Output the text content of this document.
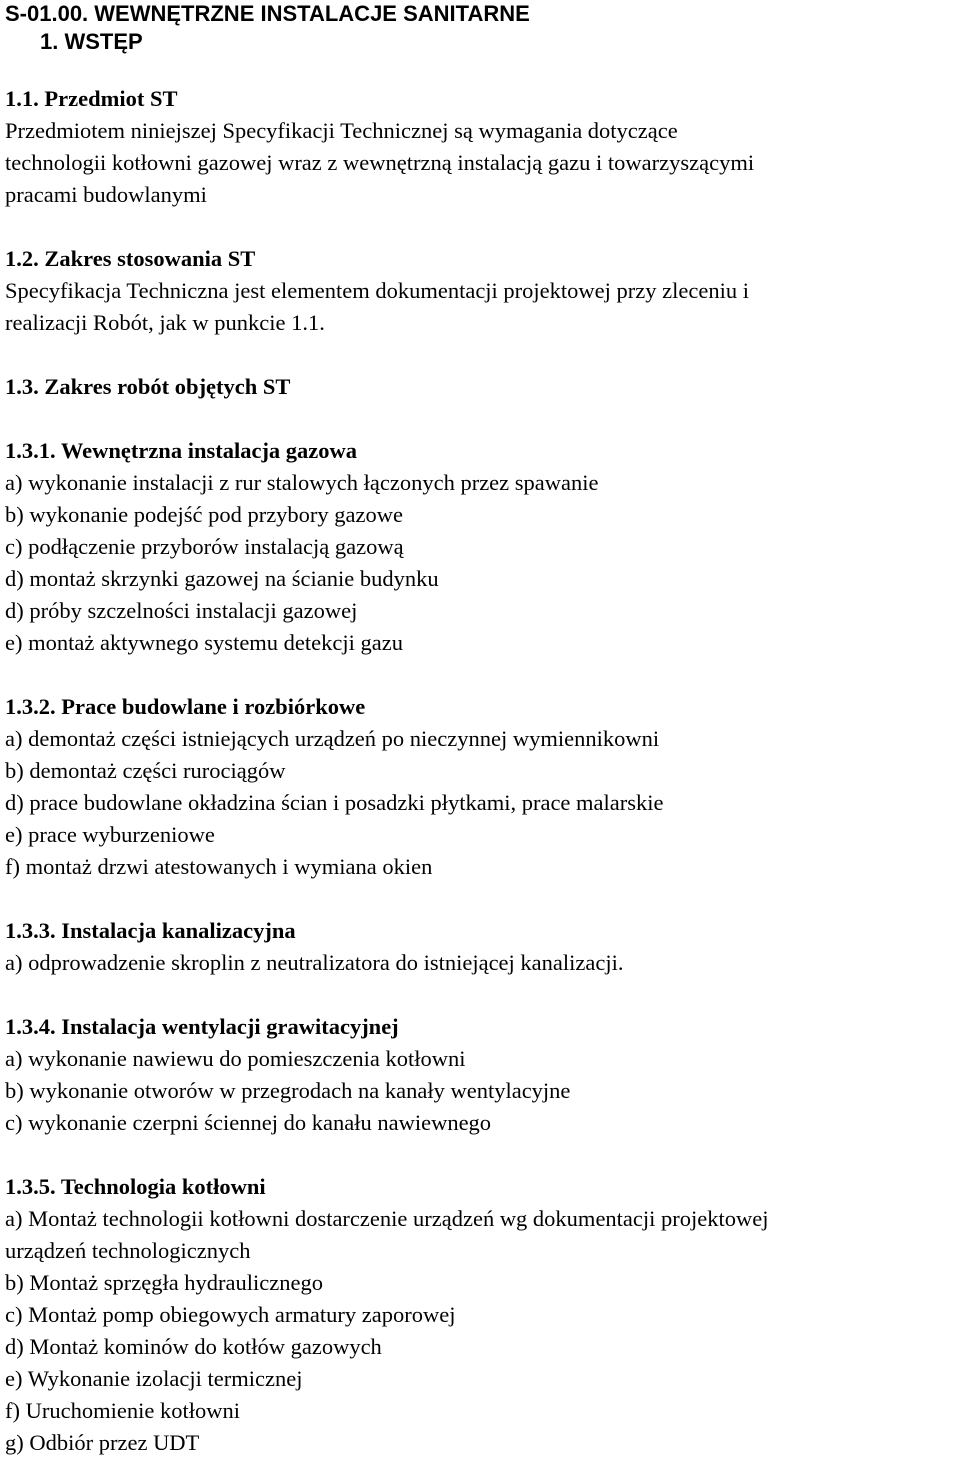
S-01.00. WEWNĘTRZNE INSTALACJE SANITARNE
1. WSTĘP
1.1. Przedmiot ST
Przedmiotem niniejszej Specyfikacji Technicznej są wymagania dotyczące
technologii kotłowni gazowej wraz z wewnętrzną instalacją gazu i towarzyszącymi
pracami budowlanymi
1.2. Zakres stosowania ST
Specyfikacja Techniczna jest elementem dokumentacji projektowej przy zleceniu i
realizacji Robót, jak w punkcie 1.1.
1.3. Zakres robót objętych ST
1.3.1. Wewnętrzna instalacja gazowa
a) wykonanie instalacji z rur stalowych łączonych przez spawanie
b) wykonanie podejść pod przybory gazowe
c) podłączenie przyborów instalacją gazową
d) montaż skrzynki gazowej na ścianie budynku
d) próby szczelności instalacji gazowej
e) montaż aktywnego systemu detekcji gazu
1.3.2. Prace budowlane i rozbiórkowe
a) demontaż części istniejących urządzeń po nieczynnej wymiennikowni
b) demontaż części rurociągów
d) prace budowlane okładzina ścian i posadzki płytkami, prace malarskie
e) prace wyburzeniowe
f) montaż drzwi atestowanych i wymiana okien
1.3.3. Instalacja kanalizacyjna
a) odprowadzenie skroplin z neutralizatora do istniejącej kanalizacji.
1.3.4. Instalacja wentylacji grawitacyjnej
a) wykonanie nawiewu do pomieszczenia kotłowni
b) wykonanie otworów w przegrodach na kanały wentylacyjne
c) wykonanie czerpni ściennej do kanału nawiewnego
1.3.5. Technologia kotłowni
a) Montaż technologii kotłowni dostarczenie urządzeń wg dokumentacji projektowej
urządzeń technologicznych
b) Montaż sprzęgła hydraulicznego
c) Montaż pomp obiegowych armatury zaporowej
d) Montaż kominów do kotłów gazowych
e) Wykonanie izolacji termicznej
f) Uruchomienie kotłowni
g) Odbiór przez UDT
